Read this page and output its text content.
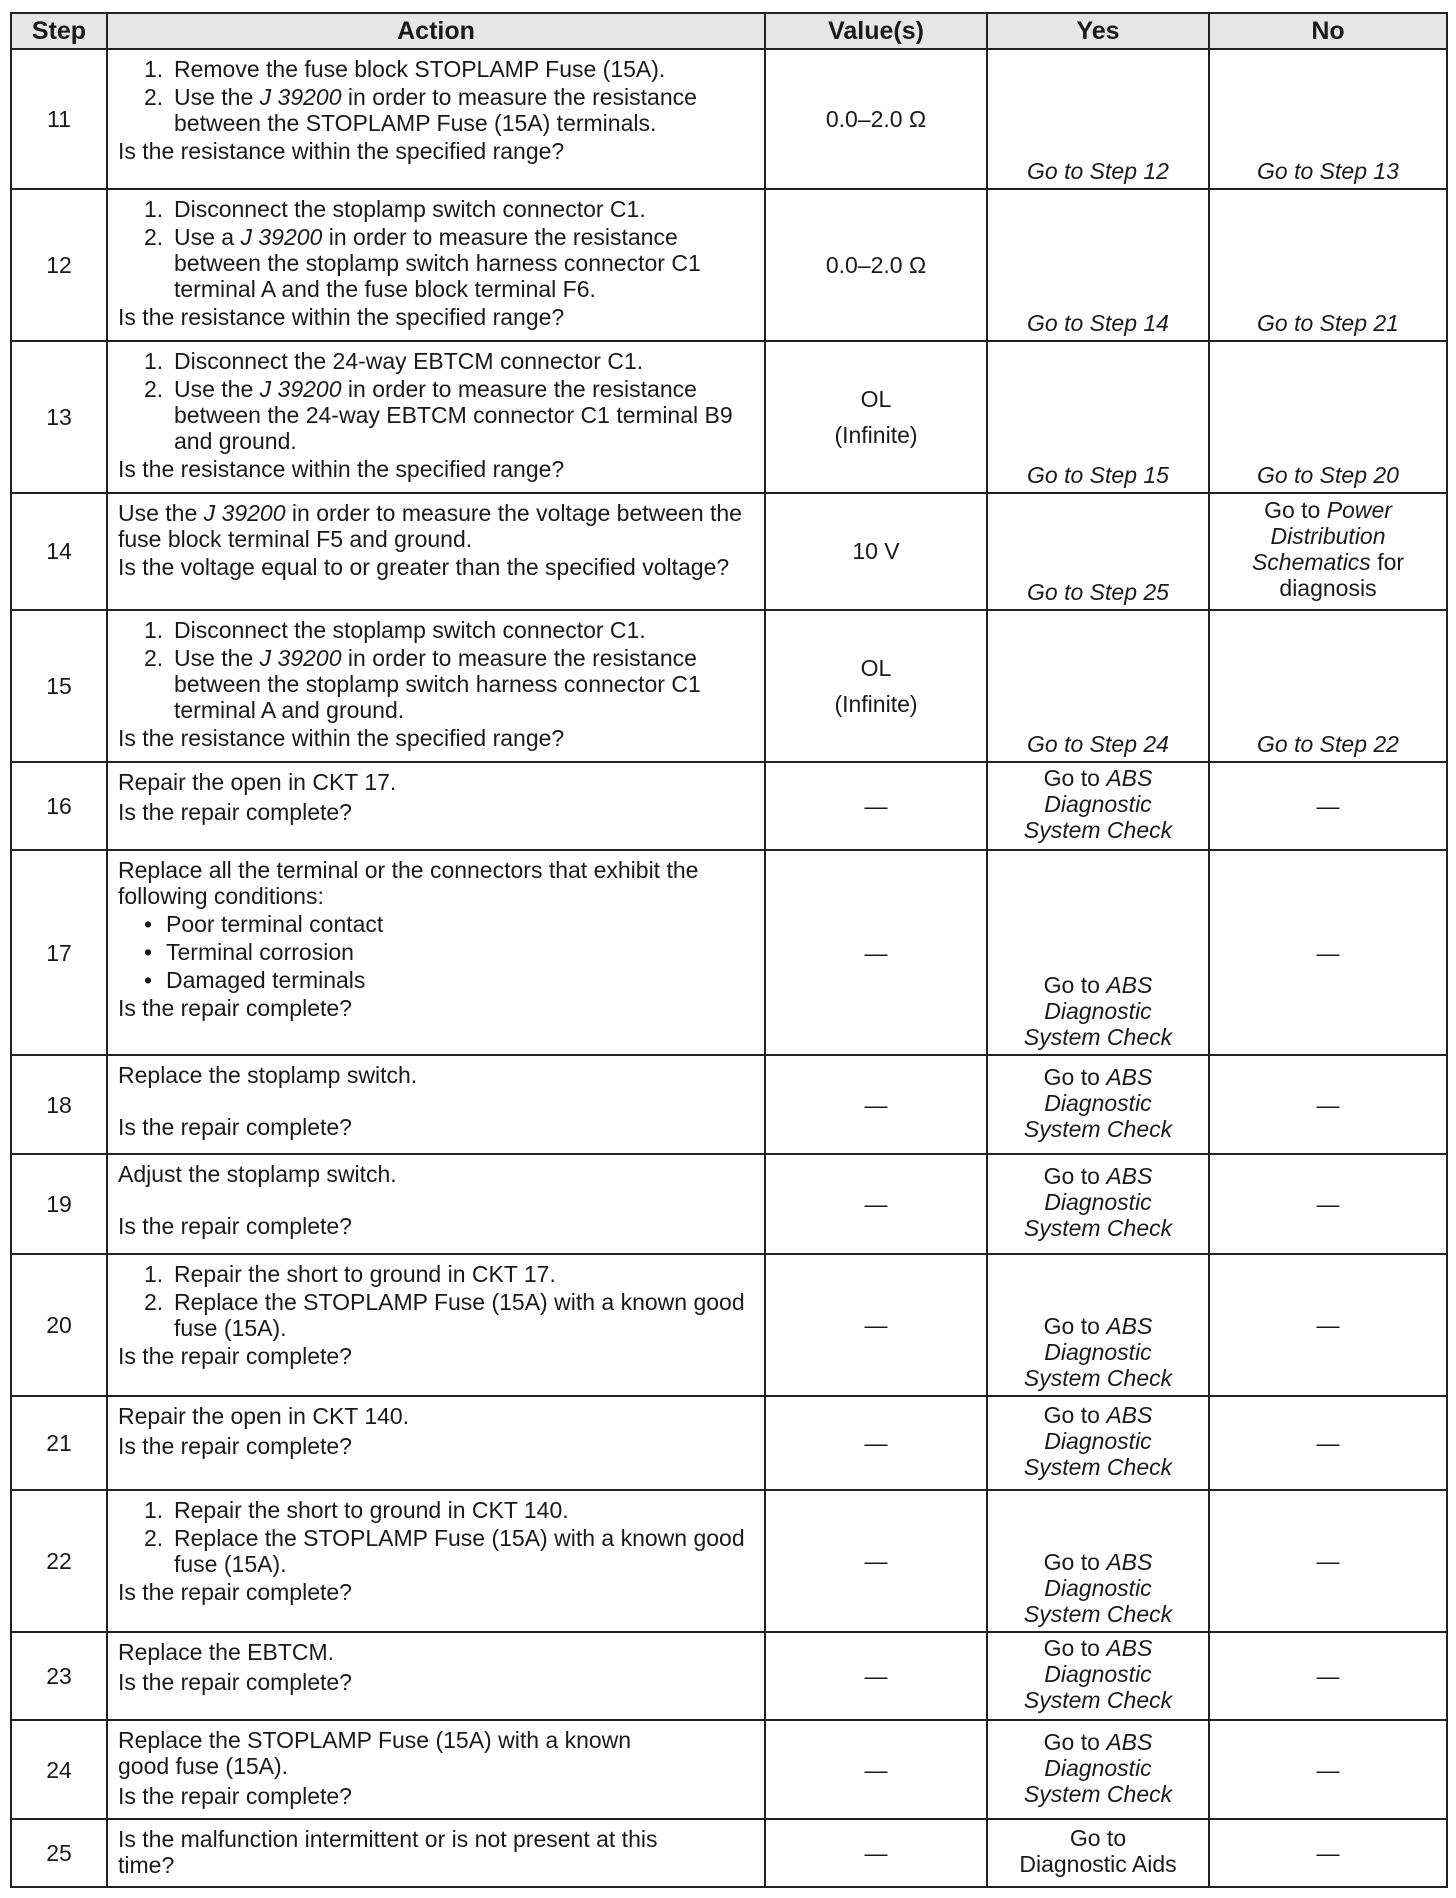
Step	Action	Value(s)	Yes	No
11	1. Remove the fuse block STOPLAMP Fuse (15A).
2. Use the J 39200 in order to measure the resistance between the STOPLAMP Fuse (15A) terminals.
Is the resistance within the specified range?	0.0–2.0 Ω	Go to Step 12	Go to Step 13
12	1. Disconnect the stoplamp switch connector C1.
2. Use a J 39200 in order to measure the resistance between the stoplamp switch harness connector C1 terminal A and the fuse block terminal F6.
Is the resistance within the specified range?	0.0–2.0 Ω	Go to Step 14	Go to Step 21
13	1. Disconnect the 24-way EBTCM connector C1.
2. Use the J 39200 in order to measure the resistance between the 24-way EBTCM connector C1 terminal B9 and ground.
Is the resistance within the specified range?	OL
(Infinite)	Go to Step 15	Go to Step 20
14	Use the J 39200 in order to measure the voltage between the fuse block terminal F5 and ground.
Is the voltage equal to or greater than the specified voltage?	10 V	Go to Step 25	Go to Power Distribution Schematics for diagnosis
15	1. Disconnect the stoplamp switch connector C1.
2. Use the J 39200 in order to measure the resistance between the stoplamp switch harness connector C1 terminal A and ground.
Is the resistance within the specified range?	OL
(Infinite)	Go to Step 24	Go to Step 22
16	Repair the open in CKT 17.
Is the repair complete?	—	Go to ABS
Diagnostic
System Check	—
17	Replace all the terminal or the connectors that exhibit the following conditions:
• Poor terminal contact
• Terminal corrosion
• Damaged terminals
Is the repair complete?	—	Go to ABS
Diagnostic
System Check	—
18	Replace the stoplamp switch.
Is the repair complete?	—	Go to ABS
Diagnostic
System Check	—
19	Adjust the stoplamp switch.
Is the repair complete?	—	Go to ABS
Diagnostic
System Check	—
20	1. Repair the short to ground in CKT 17.
2. Replace the STOPLAMP Fuse (15A) with a known good fuse (15A).
Is the repair complete?	—	Go to ABS
Diagnostic
System Check	—
21	Repair the open in CKT 140.
Is the repair complete?	—	Go to ABS
Diagnostic
System Check	—
22	1. Repair the short to ground in CKT 140.
2. Replace the STOPLAMP Fuse (15A) with a known good fuse (15A).
Is the repair complete?	—	Go to ABS
Diagnostic
System Check	—
23	Replace the EBTCM.
Is the repair complete?	—	Go to ABS
Diagnostic
System Check	—
24	Replace the STOPLAMP Fuse (15A) with a known good fuse (15A).
Is the repair complete?	—	Go to ABS
Diagnostic
System Check	—
25	Is the malfunction intermittent or is not present at this time?	—	Go to
Diagnostic Aids	—
